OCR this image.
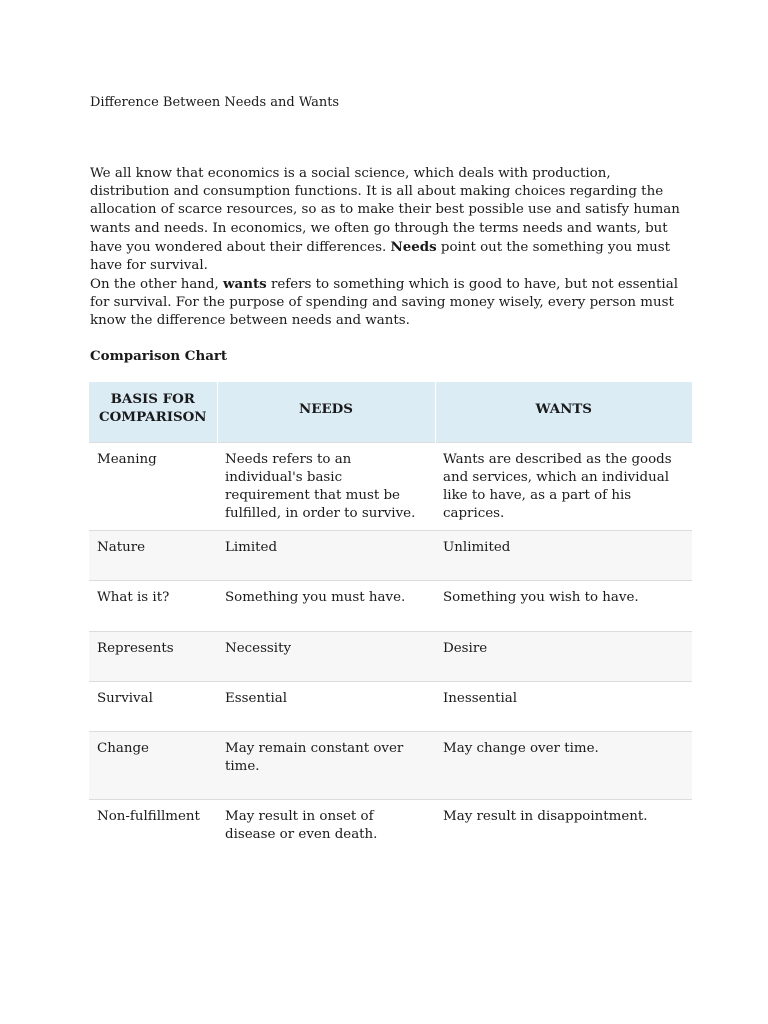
Difference Between Needs and Wants

We all know that economics is a social science, which deals with production, distribution and consumption functions. It is all about making choices regarding the allocation of scarce resources, so as to make their best possible use and satisfy human wants and needs. In economics, we often go through the terms needs and wants, but have you wondered about their differences. Needs point out the something you must have for survival.

On the other hand, wants refers to something which is good to have, but not essential for survival. For the purpose of spending and saving money wisely, every person must know the difference between needs and wants.

Comparison Chart
BASIS FOR COMPARISON	NEEDS	WANTS
Meaning	Needs refers to an individual's basic requirement that must be fulfilled, in order to survive.	Wants are described as the goods and services, which an individual like to have, as a part of his caprices.
Nature	Limited	Unlimited
What is it?	Something you must have.	Something you wish to have.
Represents	Necessity	Desire
Survival	Essential	Inessential
Change	May remain constant over time.	May change over time.
Non-fulfillment	May result in onset of disease or even death.	May result in disappointment.
